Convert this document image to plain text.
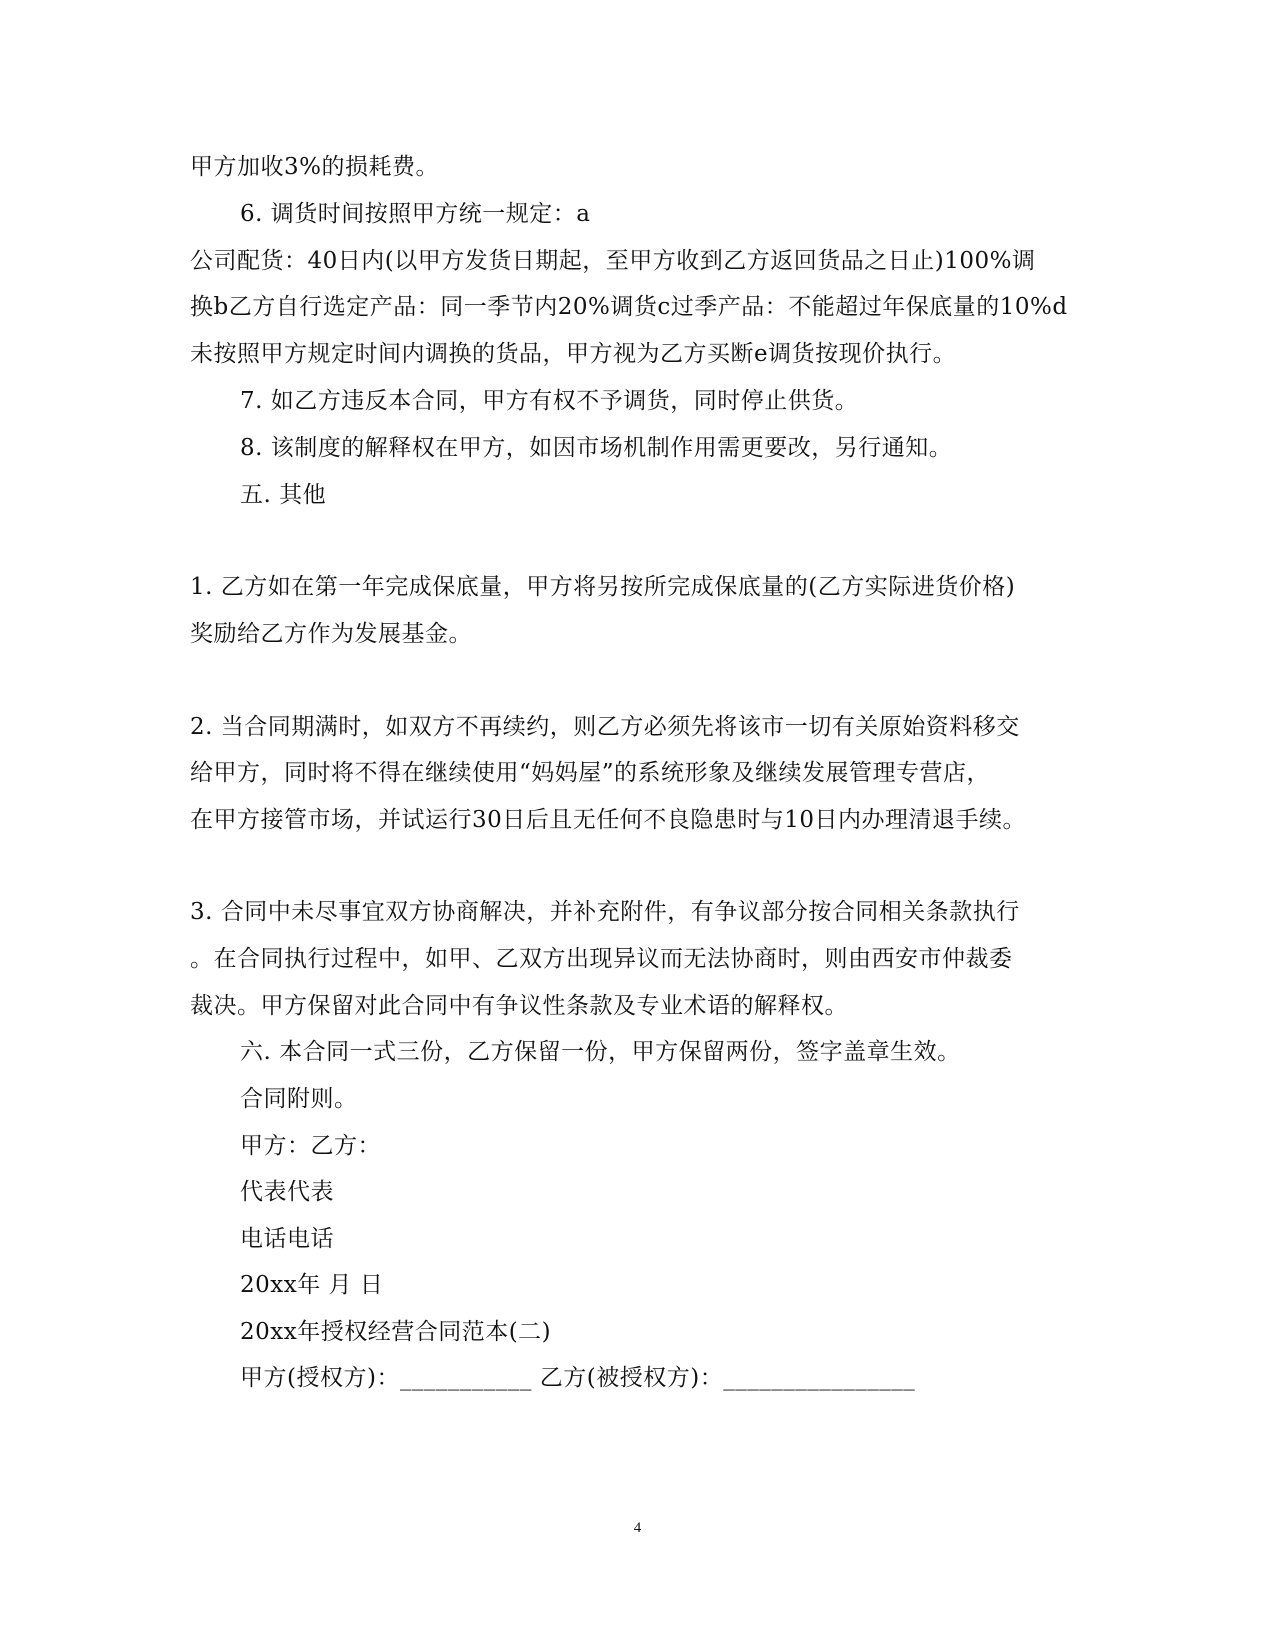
甲方加收3%的损耗费。
6. 调货时间按照甲方统一规定：a
公司配货：40日内(以甲方发货日期起，至甲方收到乙方返回货品之日止)100%调
换b乙方自行选定产品：同一季节内20%调货c过季产品：不能超过年保底量的10%d
未按照甲方规定时间内调换的货品，甲方视为乙方买断e调货按现价执行。
7. 如乙方违反本合同，甲方有权不予调货，同时停止供货。
8. 该制度的解释权在甲方，如因市场机制作用需更要改，另行通知。
五. 其他
1. 乙方如在第一年完成保底量，甲方将另按所完成保底量的(乙方实际进货价格)
奖励给乙方作为发展基金。
2. 当合同期满时，如双方不再续约，则乙方必须先将该市一切有关原始资料移交
给甲方，同时将不得在继续使用“妈妈屋”的系统形象及继续发展管理专营店，
在甲方接管市场，并试运行30日后且无任何不良隐患时与10日内办理清退手续。
3. 合同中未尽事宜双方协商解决，并补充附件，有争议部分按合同相关条款执行
。在合同执行过程中，如甲、乙双方出现异议而无法协商时，则由西安市仲裁委
裁决。甲方保留对此合同中有争议性条款及专业术语的解释权。
六. 本合同一式三份，乙方保留一份，甲方保留两份，签字盖章生效。
合同附则。
甲方：乙方：
代表代表
电话电话
20xx年 月 日
20xx年授权经营合同范本(二)
甲方(授权方)：___________ 乙方(被授权方)：________________
4
